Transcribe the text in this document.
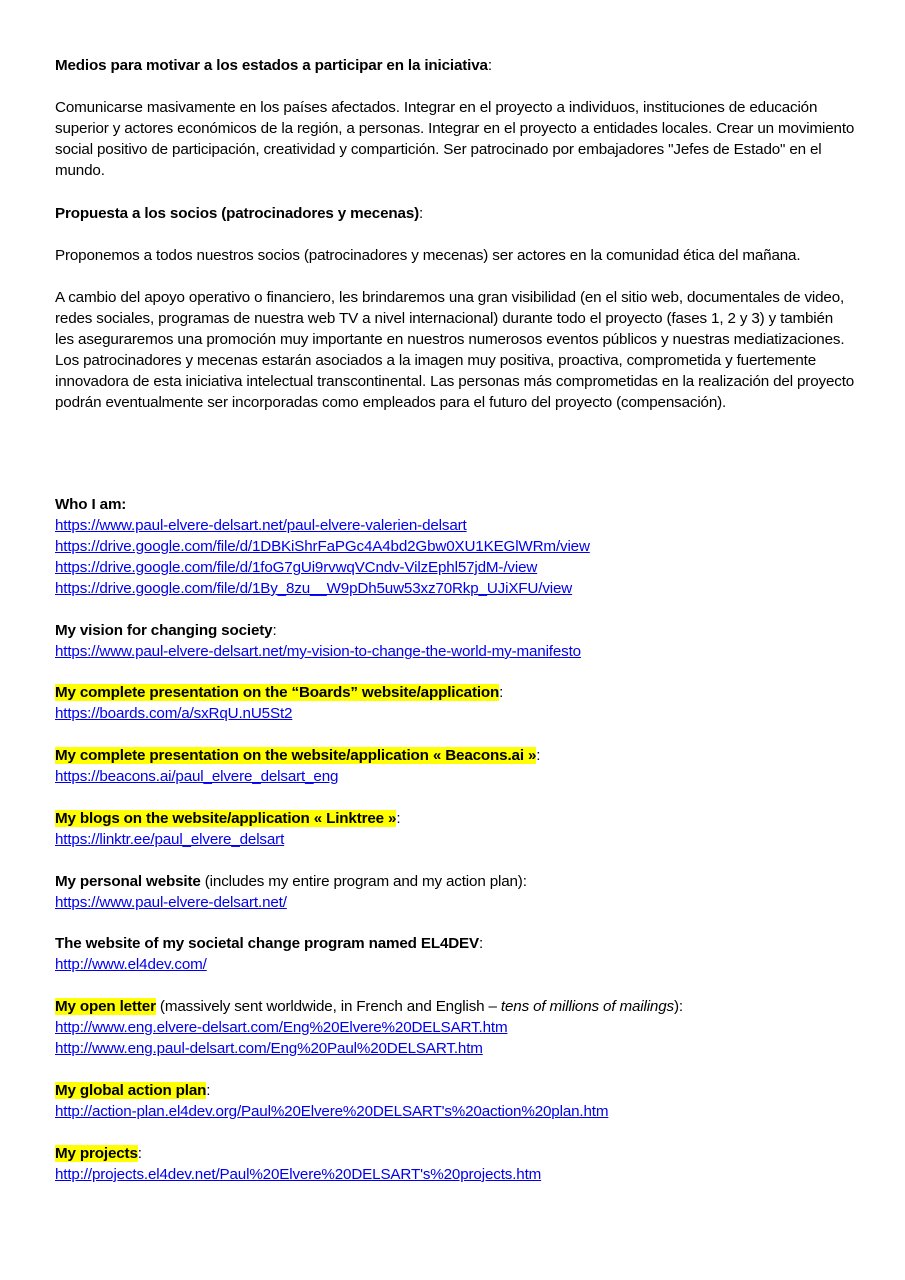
Medios para motivar a los estados a participar en la iniciativa:

Comunicarse masivamente en los países afectados. Integrar en el proyecto a individuos, instituciones de educación superior y actores económicos de la región, a personas. Integrar en el proyecto a entidades locales. Crear un movimiento social positivo de participación, creatividad y compartición. Ser patrocinado por embajadores "Jefes de Estado" en el mundo.

Propuesta a los socios (patrocinadores y mecenas):

Proponemos a todos nuestros socios (patrocinadores y mecenas) ser actores en la comunidad ética del mañana.

A cambio del apoyo operativo o financiero, les brindaremos una gran visibilidad (en el sitio web, documentales de video, redes sociales, programas de nuestra web TV a nivel internacional) durante todo el proyecto (fases 1, 2 y 3) y también les aseguraremos una promoción muy importante en nuestros numerosos eventos públicos y nuestras mediatizaciones. Los patrocinadores y mecenas estarán asociados a la imagen muy positiva, proactiva, comprometida y fuertemente innovadora de esta iniciativa intelectual transcontinental. Las personas más comprometidas en la realización del proyecto podrán eventualmente ser incorporadas como empleados para el futuro del proyecto (compensación).

Who I am:

https://www.paul-elvere-delsart.net/paul-elvere-valerien-delsart
https://drive.google.com/file/d/1DBKiShrFaPGc4A4bd2Gbw0XU1KEGlWRm/view
https://drive.google.com/file/d/1foG7gUi9rvwqVCndv-VilzEphl57jdM-/view
https://drive.google.com/file/d/1By_8zu__W9pDh5uw53xz70Rkp_UJiXFU/view

My vision for changing society:

https://www.paul-elvere-delsart.net/my-vision-to-change-the-world-my-manifesto

My complete presentation on the “Boards” website/application:

https://boards.com/a/sxRqU.nU5St2

My complete presentation on the website/application « Beacons.ai »:

https://beacons.ai/paul_elvere_delsart_eng

My blogs on the website/application « Linktree »:

https://linktr.ee/paul_elvere_delsart

My personal website (includes my entire program and my action plan):

https://www.paul-elvere-delsart.net/

The website of my societal change program named EL4DEV:

http://www.el4dev.com/

My open letter (massively sent worldwide, in French and English – tens of millions of mailings):

http://www.eng.elvere-delsart.com/Eng%20Elvere%20DELSART.htm
http://www.eng.paul-delsart.com/Eng%20Paul%20DELSART.htm

My global action plan:

http://action-plan.el4dev.org/Paul%20Elvere%20DELSART's%20action%20plan.htm

My projects:

http://projects.el4dev.net/Paul%20Elvere%20DELSART's%20projects.htm
